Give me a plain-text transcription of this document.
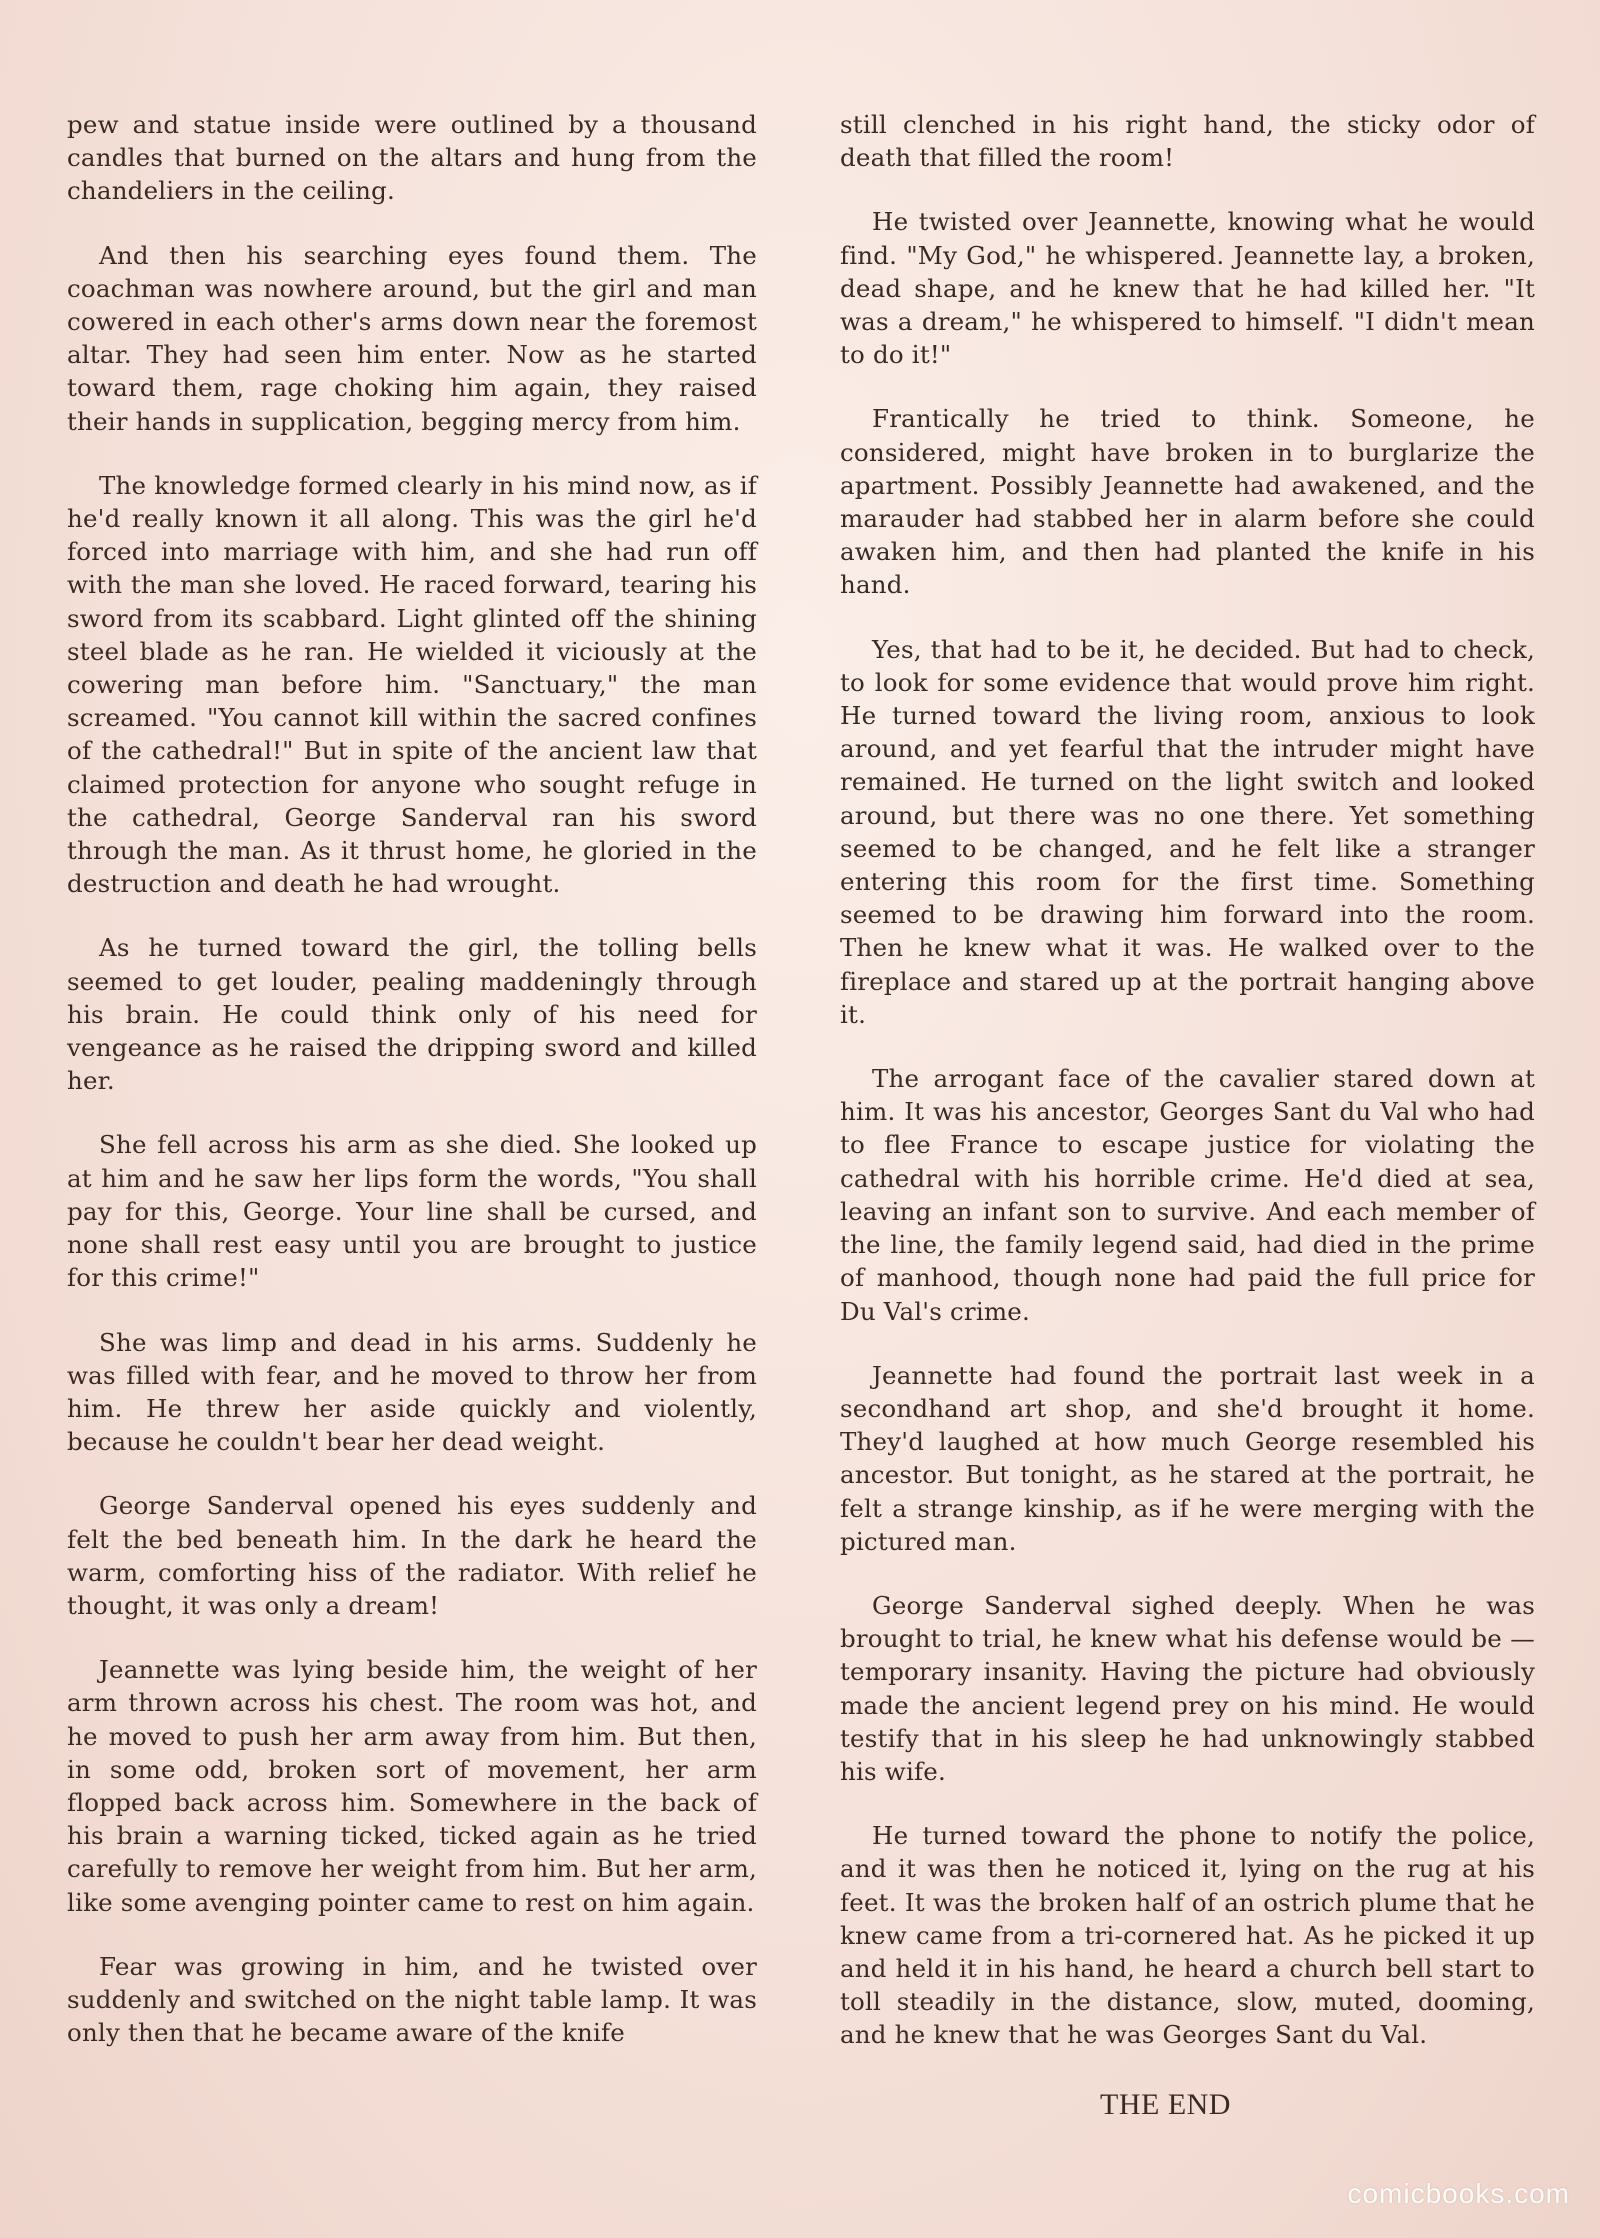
pew and statue inside were outlined by a thousand candles that burned on the altars and hung from the chandeliers in the ceiling.

And then his searching eyes found them. The coachman was nowhere around, but the girl and man cowered in each other's arms down near the foremost altar. They had seen him enter. Now as he started toward them, rage choking him again, they raised their hands in supplication, begging mercy from him.

The knowledge formed clearly in his mind now, as if he'd really known it all along. This was the girl he'd forced into marriage with him, and she had run off with the man she loved. He raced forward, tearing his sword from its scabbard. Light glinted off the shining steel blade as he ran. He wielded it viciously at the cowering man before him. "Sanctuary," the man screamed. "You cannot kill within the sacred confines of the cathedral!" But in spite of the ancient law that claimed protection for anyone who sought refuge in the cathedral, George Sanderval ran his sword through the man. As it thrust home, he gloried in the destruction and death he had wrought.

As he turned toward the girl, the tolling bells seemed to get louder, pealing maddeningly through his brain. He could think only of his need for vengeance as he raised the dripping sword and killed her.

She fell across his arm as she died. She looked up at him and he saw her lips form the words, "You shall pay for this, George. Your line shall be cursed, and none shall rest easy until you are brought to justice for this crime!"

She was limp and dead in his arms. Suddenly he was filled with fear, and he moved to throw her from him. He threw her aside quickly and violently, because he couldn't bear her dead weight.

George Sanderval opened his eyes suddenly and felt the bed beneath him. In the dark he heard the warm, comforting hiss of the radiator. With relief he thought, it was only a dream!

Jeannette was lying beside him, the weight of her arm thrown across his chest. The room was hot, and he moved to push her arm away from him. But then, in some odd, broken sort of movement, her arm flopped back across him. Somewhere in the back of his brain a warning ticked, ticked again as he tried carefully to remove her weight from him. But her arm, like some avenging pointer came to rest on him again.

Fear was growing in him, and he twisted over suddenly and switched on the night table lamp. It was only then that he became aware of the knife

still clenched in his right hand, the sticky odor of death that filled the room!

He twisted over Jeannette, knowing what he would find. "My God," he whispered. Jeannette lay, a broken, dead shape, and he knew that he had killed her. "It was a dream," he whispered to himself. "I didn't mean to do it!"

Frantically he tried to think. Someone, he considered, might have broken in to burglarize the apartment. Possibly Jeannette had awakened, and the marauder had stabbed her in alarm before she could awaken him, and then had planted the knife in his hand.

Yes, that had to be it, he decided. But had to check, to look for some evidence that would prove him right. He turned toward the living room, anxious to look around, and yet fearful that the intruder might have remained. He turned on the light switch and looked around, but there was no one there. Yet something seemed to be changed, and he felt like a stranger entering this room for the first time. Something seemed to be drawing him forward into the room. Then he knew what it was. He walked over to the fireplace and stared up at the portrait hanging above it.

The arrogant face of the cavalier stared down at him. It was his ancestor, Georges Sant du Val who had to flee France to escape justice for violating the cathedral with his horrible crime. He'd died at sea, leaving an infant son to survive. And each member of the line, the family legend said, had died in the prime of manhood, though none had paid the full price for Du Val's crime.

Jeannette had found the portrait last week in a secondhand art shop, and she'd brought it home. They'd laughed at how much George resembled his ancestor. But tonight, as he stared at the portrait, he felt a strange kinship, as if he were merging with the pictured man.

George Sanderval sighed deeply. When he was brought to trial, he knew what his defense would be —temporary insanity. Having the picture had obviously made the ancient legend prey on his mind. He would testify that in his sleep he had unknowingly stabbed his wife.

He turned toward the phone to notify the police, and it was then he noticed it, lying on the rug at his feet. It was the broken half of an ostrich plume that he knew came from a tri-cornered hat. As he picked it up and held it in his hand, he heard a church bell start to toll steadily in the distance, slow, muted, dooming, and he knew that he was Georges Sant du Val.

THE END
comicbooks.com
